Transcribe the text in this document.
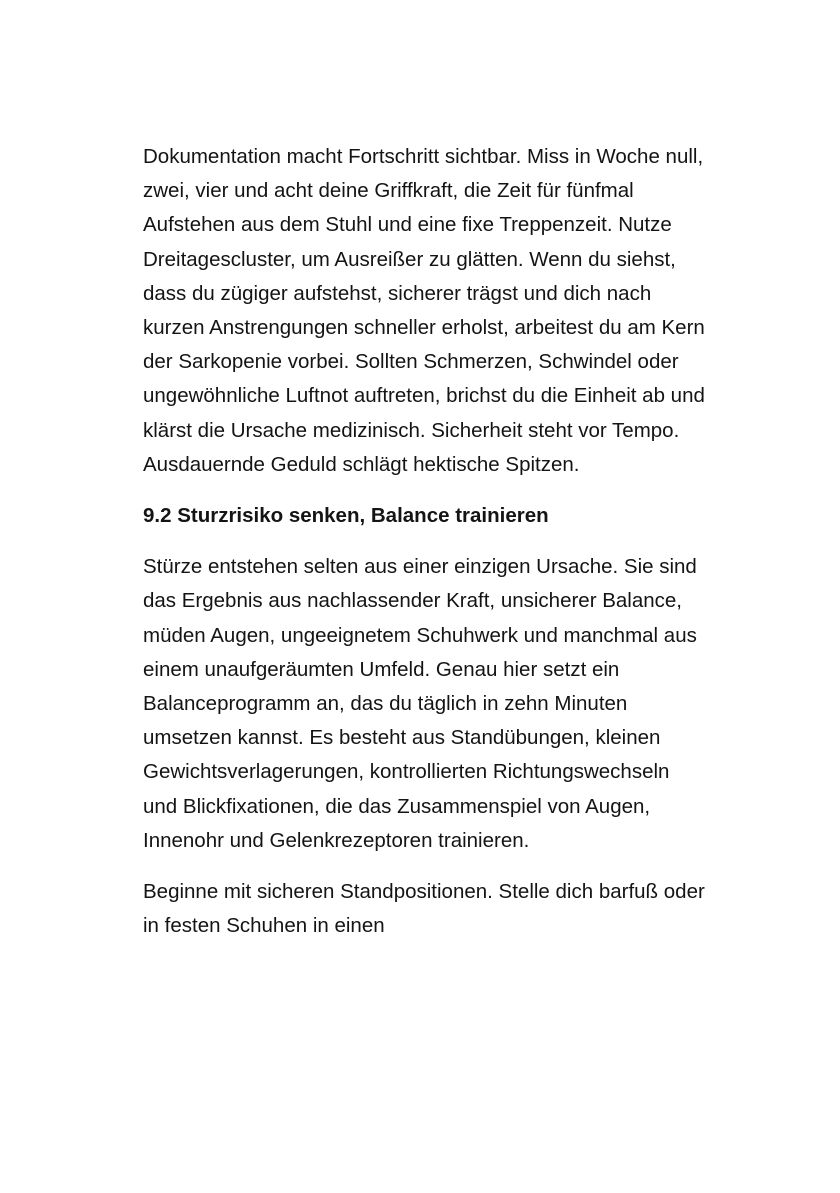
Dokumentation macht Fortschritt sichtbar. Miss in Woche null, zwei, vier und acht deine Griffkraft, die Zeit für fünfmal Aufstehen aus dem Stuhl und eine fixe Treppenzeit. Nutze Dreitagescluster, um Ausreißer zu glätten. Wenn du siehst, dass du zügiger aufstehst, sicherer trägst und dich nach kurzen Anstrengungen schneller erholst, arbeitest du am Kern der Sarkopenie vorbei. Sollten Schmerzen, Schwindel oder ungewöhnliche Luftnot auftreten, brichst du die Einheit ab und klärst die Ursache medizinisch. Sicherheit steht vor Tempo. Ausdauernde Geduld schlägt hektische Spitzen.

9.2 Sturzrisiko senken, Balance trainieren

Stürze entstehen selten aus einer einzigen Ursache. Sie sind das Ergebnis aus nachlassender Kraft, unsicherer Balance, müden Augen, ungeeignetem Schuhwerk und manchmal aus einem unaufgeräumten Umfeld. Genau hier setzt ein Balanceprogramm an, das du täglich in zehn Minuten umsetzen kannst. Es besteht aus Standübungen, kleinen Gewichtsverlagerungen, kontrollierten Richtungswechseln und Blickfixationen, die das Zusammenspiel von Augen, Innenohr und Gelenkrezeptoren trainieren.

Beginne mit sicheren Standpositionen. Stelle dich barfuß oder in festen Schuhen in einen
